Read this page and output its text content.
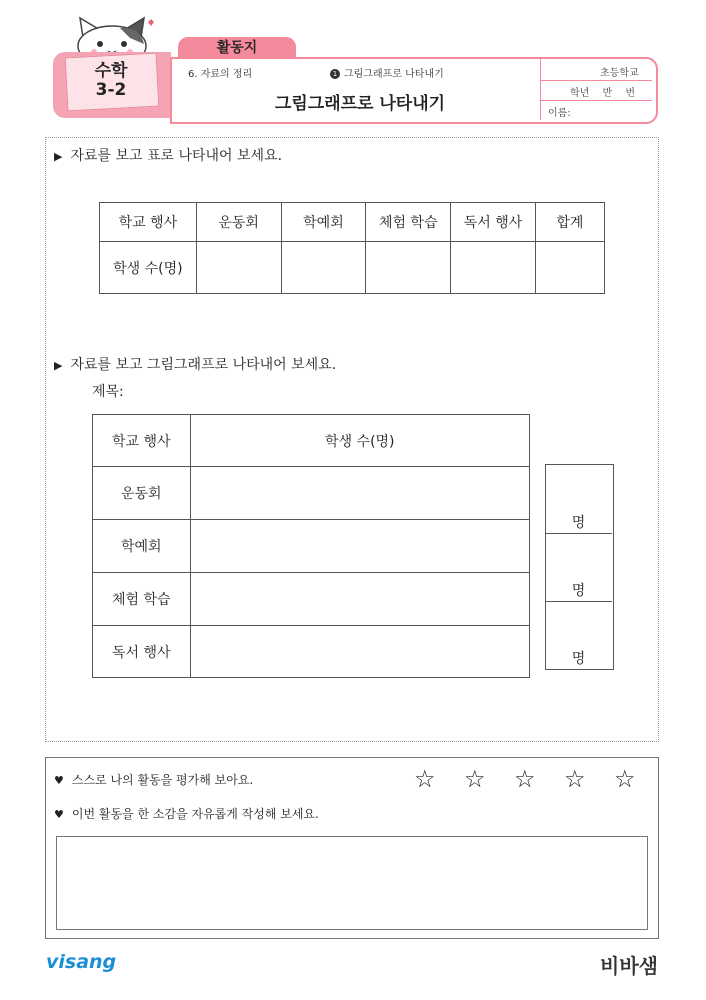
수학
3-2
활동지
6. 자료의 정리	1 그림그래프로 나타내기
그림그래프로 나타내기
초등학교
학년 반 번
이름:
▶ 자료를 보고 표로 나타내어 보세요.
학교 행사	운동회	학예회	체험 학습	독서 행사	합계
학생 수(명)					
▶ 자료를 보고 그림그래프로 나타내어 보세요.
제목:
학교 행사	학생 수(명)
운동회	
학예회	
체험 학습	
독서 행사	
명
명
명
♥ 스스로 나의 활동을 평가해 보아요.	☆ ☆ ☆ ☆ ☆
♥ 이번 활동을 한 소감을 자유롭게 작성해 보세요.
visang	비바샘
